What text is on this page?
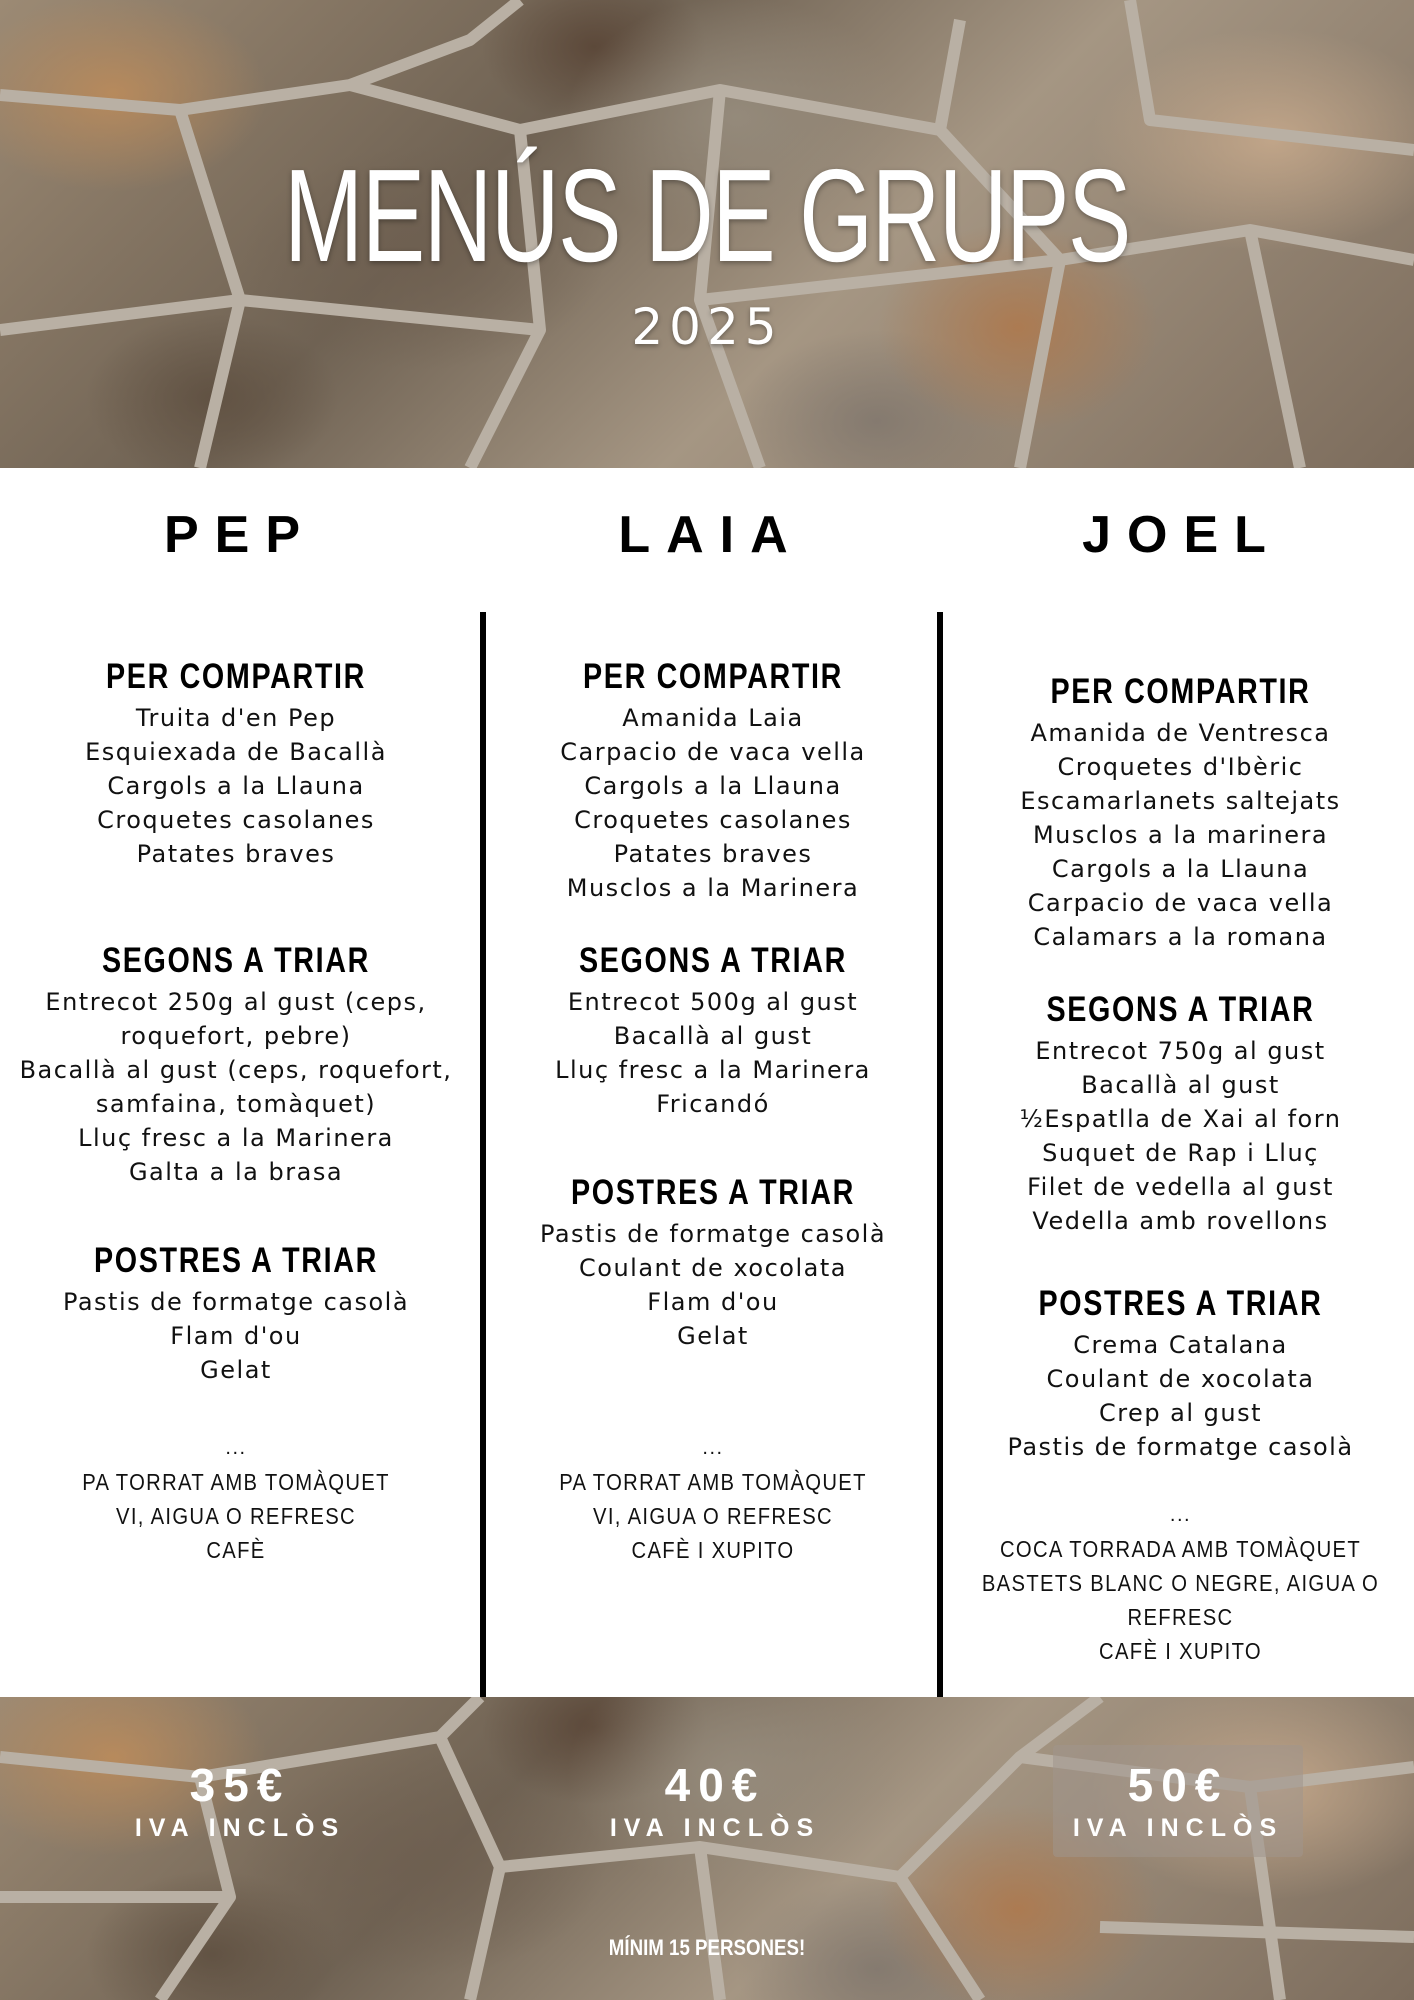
MENÚS DE GRUPS
2025
PEP	LAIA	JOEL
PER COMPARTIR
Truita d'en Pep
Esquiexada de Bacallà
Cargols a la Llauna
Croquetes casolanes
Patates braves
SEGONS A TRIAR
Entrecot 250g al gust (ceps,
roquefort, pebre)
Bacallà al gust (ceps, roquefort,
samfaina, tomàquet)
Lluç fresc a la Marinera
Galta a la brasa
POSTRES A TRIAR
Pastis de formatge casolà
Flam d'ou
Gelat
...
PA TORRAT AMB TOMÀQUET
VI, AIGUA O REFRESC
CAFÈ
PER COMPARTIR
Amanida Laia
Carpacio de vaca vella
Cargols a la Llauna
Croquetes casolanes
Patates braves
Musclos a la Marinera
SEGONS A TRIAR
Entrecot 500g al gust
Bacallà al gust
Lluç fresc a la Marinera
Fricandó
POSTRES A TRIAR
Pastis de formatge casolà
Coulant de xocolata
Flam d'ou
Gelat
...
PA TORRAT AMB TOMÀQUET
VI, AIGUA O REFRESC
CAFÈ I XUPITO
PER COMPARTIR
Amanida de Ventresca
Croquetes d'Ibèric
Escamarlanets saltejats
Musclos a la marinera
Cargols a la Llauna
Carpacio de vaca vella
Calamars a la romana
SEGONS A TRIAR
Entrecot 750g al gust
Bacallà al gust
½Espatlla de Xai al forn
Suquet de Rap i Lluç
Filet de vedella al gust
Vedella amb rovellons
POSTRES A TRIAR
Crema Catalana
Coulant de xocolata
Crep al gust
Pastis de formatge casolà
...
COCA TORRADA AMB TOMÀQUET
BASTETS BLANC O NEGRE, AIGUA O REFRESC
CAFÈ I XUPITO
35€
IVA INCLÒS
40€
IVA INCLÒS
50€
IVA INCLÒS
MÍNIM 15 PERSONES!
